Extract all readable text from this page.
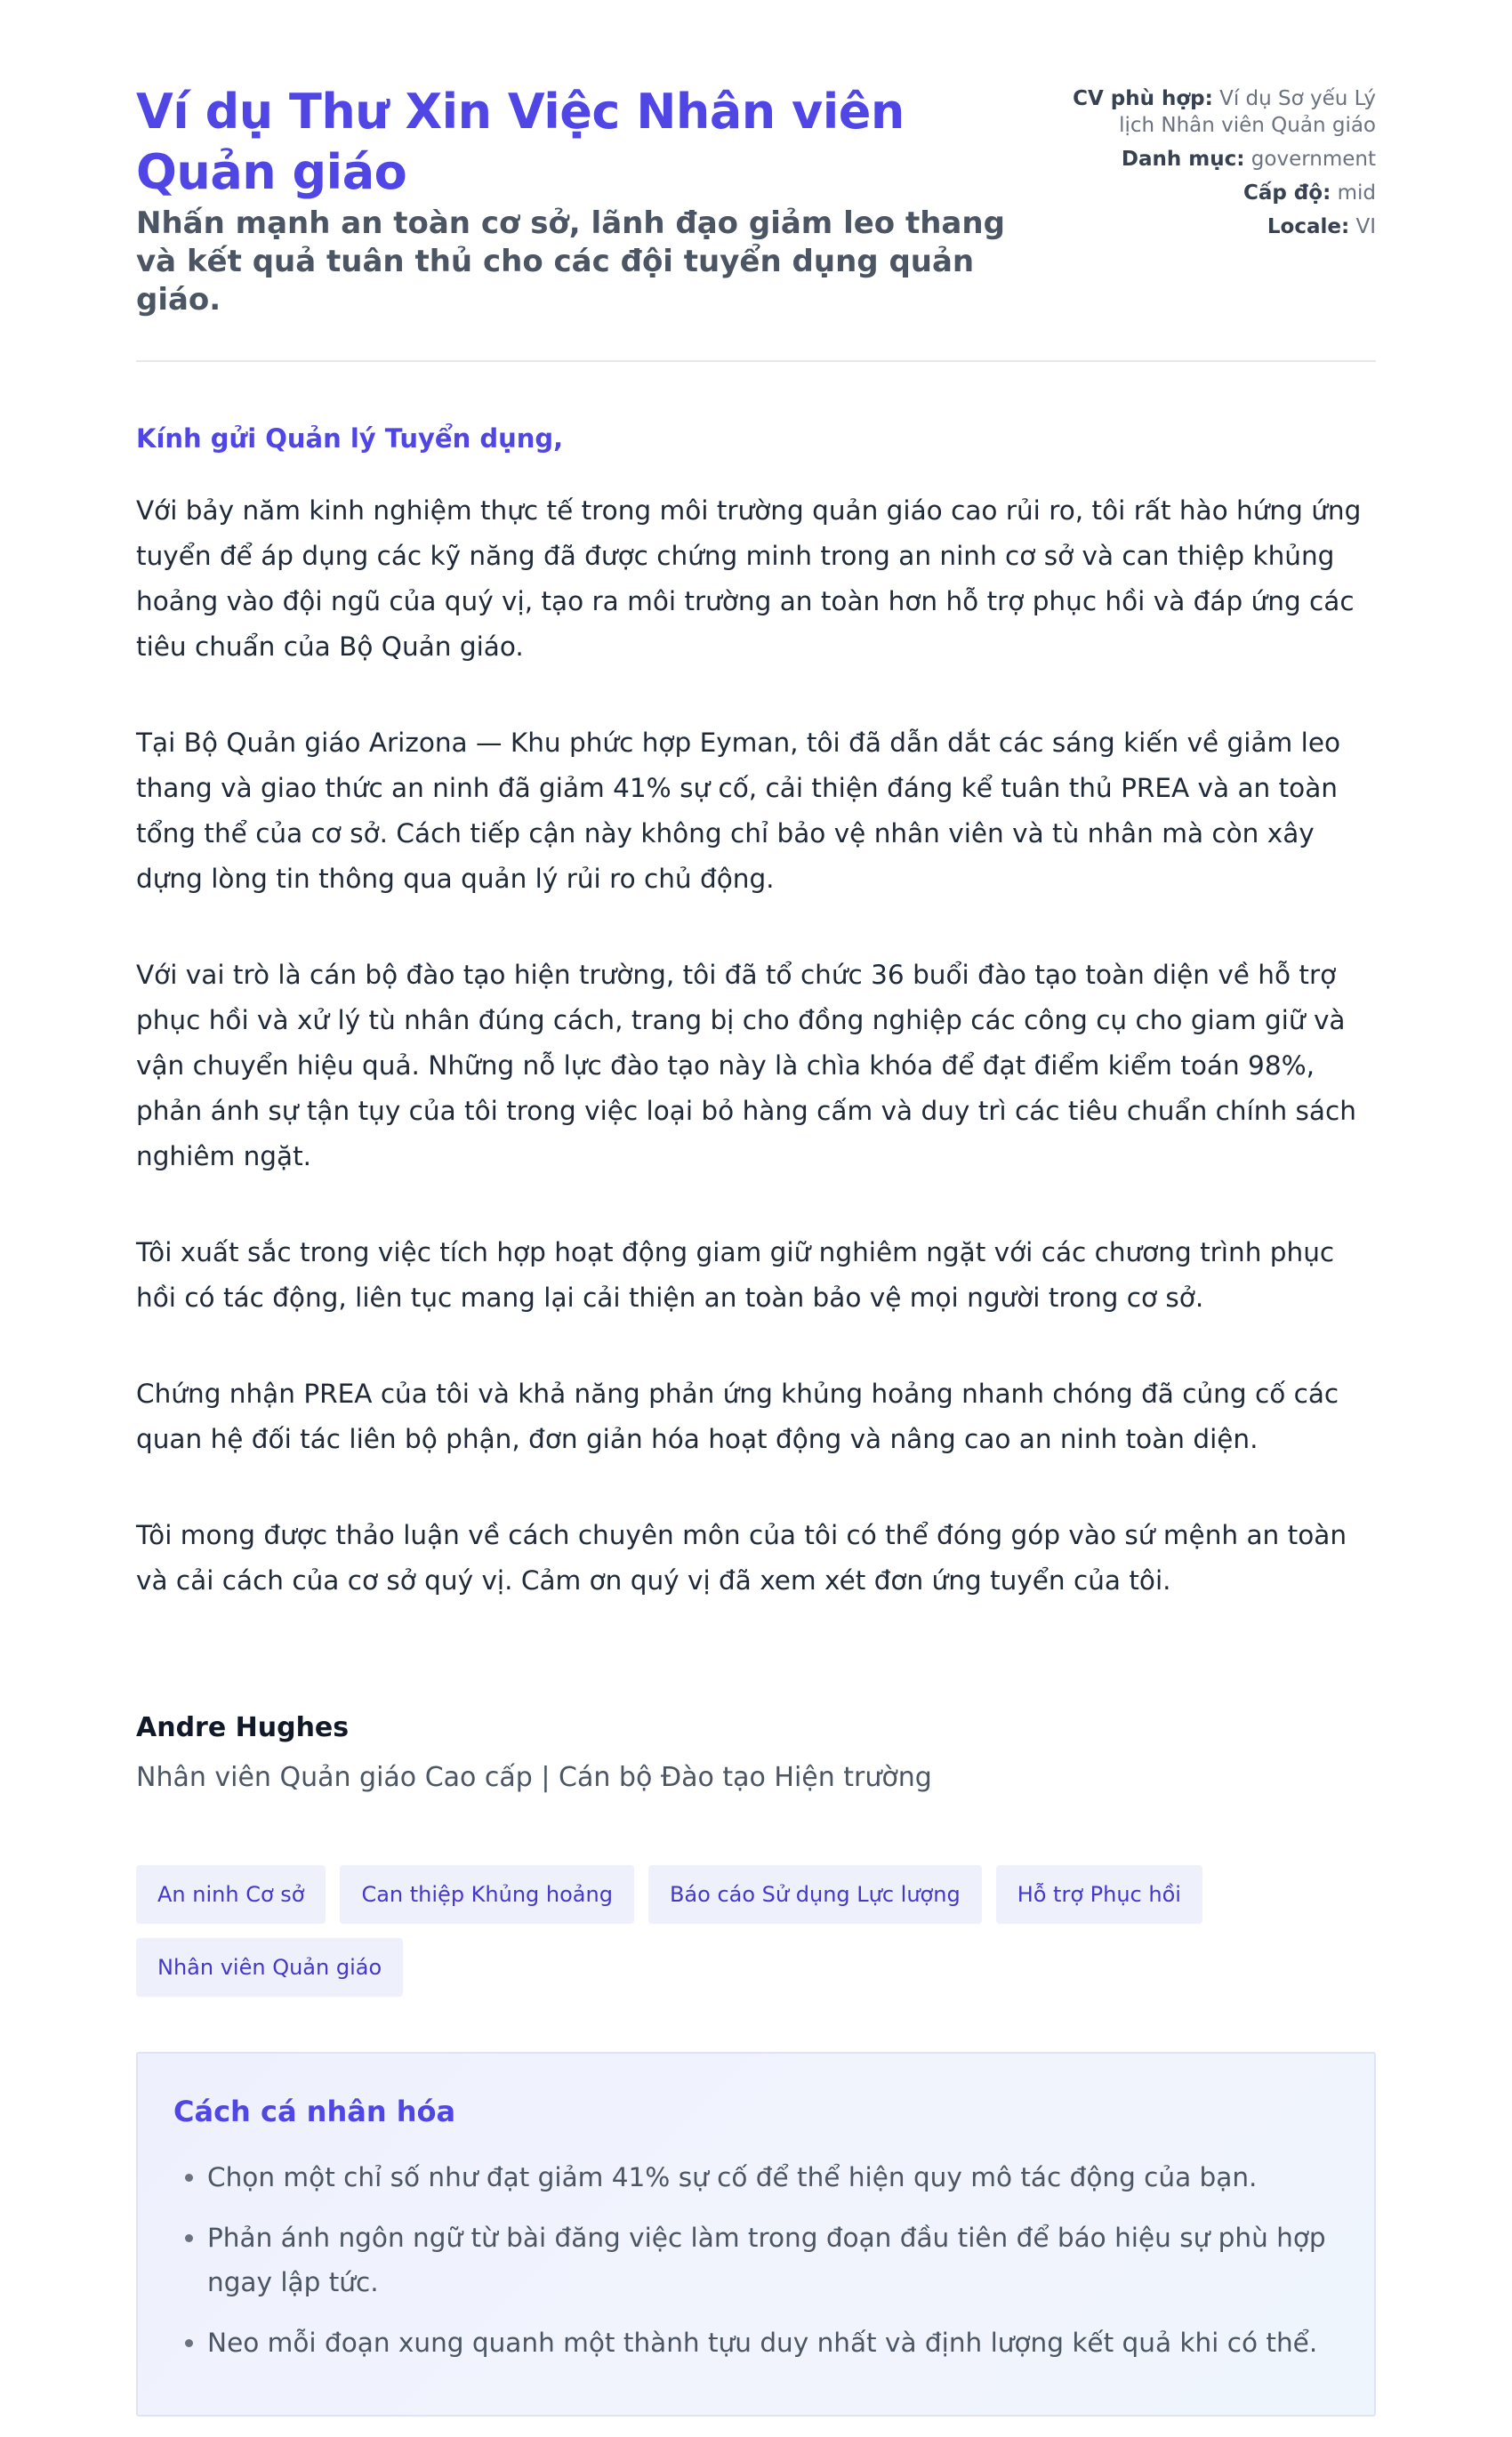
Ví dụ Thư Xin Việc Nhân viên Quản giáo

Nhấn mạnh an toàn cơ sở, lãnh đạo giảm leo thang và kết quả tuân thủ cho các đội tuyển dụng quản giáo.

CV phù hợp: Ví dụ Sơ yếu Lý lịch Nhân viên Quản giáo
Danh mục: government
Cấp độ: mid
Locale: VI

Kính gửi Quản lý Tuyển dụng,

Với bảy năm kinh nghiệm thực tế trong môi trường quản giáo cao rủi ro, tôi rất hào hứng ứng tuyển để áp dụng các kỹ năng đã được chứng minh trong an ninh cơ sở và can thiệp khủng hoảng vào đội ngũ của quý vị, tạo ra môi trường an toàn hơn hỗ trợ phục hồi và đáp ứng các tiêu chuẩn của Bộ Quản giáo.

Tại Bộ Quản giáo Arizona — Khu phức hợp Eyman, tôi đã dẫn dắt các sáng kiến về giảm leo thang và giao thức an ninh đã giảm 41% sự cố, cải thiện đáng kể tuân thủ PREA và an toàn tổng thể của cơ sở. Cách tiếp cận này không chỉ bảo vệ nhân viên và tù nhân mà còn xây dựng lòng tin thông qua quản lý rủi ro chủ động.

Với vai trò là cán bộ đào tạo hiện trường, tôi đã tổ chức 36 buổi đào tạo toàn diện về hỗ trợ phục hồi và xử lý tù nhân đúng cách, trang bị cho đồng nghiệp các công cụ cho giam giữ và vận chuyển hiệu quả. Những nỗ lực đào tạo này là chìa khóa để đạt điểm kiểm toán 98%, phản ánh sự tận tụy của tôi trong việc loại bỏ hàng cấm và duy trì các tiêu chuẩn chính sách nghiêm ngặt.

Tôi xuất sắc trong việc tích hợp hoạt động giam giữ nghiêm ngặt với các chương trình phục hồi có tác động, liên tục mang lại cải thiện an toàn bảo vệ mọi người trong cơ sở.

Chứng nhận PREA của tôi và khả năng phản ứng khủng hoảng nhanh chóng đã củng cố các quan hệ đối tác liên bộ phận, đơn giản hóa hoạt động và nâng cao an ninh toàn diện.

Tôi mong được thảo luận về cách chuyên môn của tôi có thể đóng góp vào sứ mệnh an toàn và cải cách của cơ sở quý vị. Cảm ơn quý vị đã xem xét đơn ứng tuyển của tôi.

Andre Hughes
Nhân viên Quản giáo Cao cấp | Cán bộ Đào tạo Hiện trường
An ninh Cơ sở	Can thiệp Khủng hoảng	Báo cáo Sử dụng Lực lượng	Hỗ trợ Phục hồi
Nhân viên Quản giáo
Cách cá nhân hóa
• Chọn một chỉ số như đạt giảm 41% sự cố để thể hiện quy mô tác động của bạn.
• Phản ánh ngôn ngữ từ bài đăng việc làm trong đoạn đầu tiên để báo hiệu sự phù hợp ngay lập tức.
• Neo mỗi đoạn xung quanh một thành tựu duy nhất và định lượng kết quả khi có thể.
